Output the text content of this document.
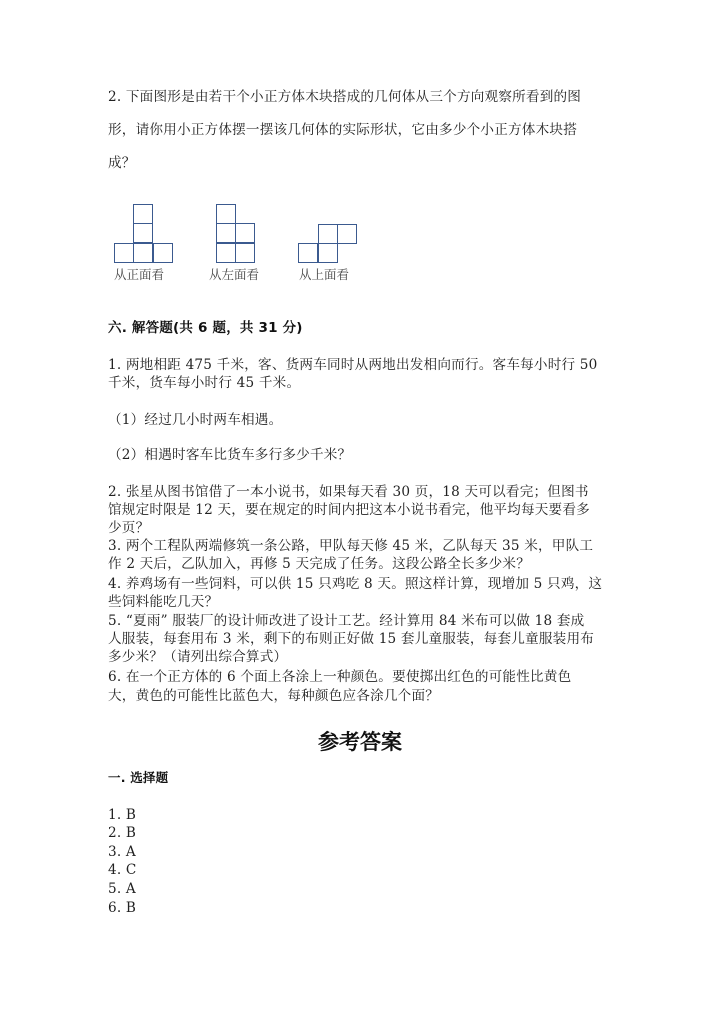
2. 下面图形是由若干个小正方体木块搭成的几何体从三个方向观察所看到的图
形，请你用小正方体摆一摆该几何体的实际形状，它由多少个小正方体木块搭
成？
从正面看	从左面看	从上面看
六. 解答题(共 6 题，共 31 分)
1. 两地相距 475 千米，客、货两车同时从两地出发相向而行。客车每小时行 50
千米，货车每小时行 45 千米。
（1）经过几小时两车相遇。
（2）相遇时客车比货车多行多少千米？
2. 张星从图书馆借了一本小说书，如果每天看 30 页，18 天可以看完；但图书
馆规定时限是 12 天，要在规定的时间内把这本小说书看完，他平均每天要看多
少页？
3. 两个工程队两端修筑一条公路，甲队每天修 45 米，乙队每天 35 米，甲队工
作 2 天后，乙队加入，再修 5 天完成了任务。这段公路全长多少米？
4. 养鸡场有一些饲料，可以供 15 只鸡吃 8 天。照这样计算，现增加 5 只鸡，这
些饲料能吃几天？
5. “夏雨” 服装厂的设计师改进了设计工艺。经计算用 84 米布可以做 18 套成
人服装，每套用布 3 米，剩下的布则正好做 15 套儿童服装，每套儿童服装用布
多少米？（请列出综合算式）
6. 在一个正方体的 6 个面上各涂上一种颜色。要使掷出红色的可能性比黄色
大，黄色的可能性比蓝色大，每种颜色应各涂几个面？
参考答案
一. 选择题
1. B
2. B
3. A
4. C
5. A
6. B
